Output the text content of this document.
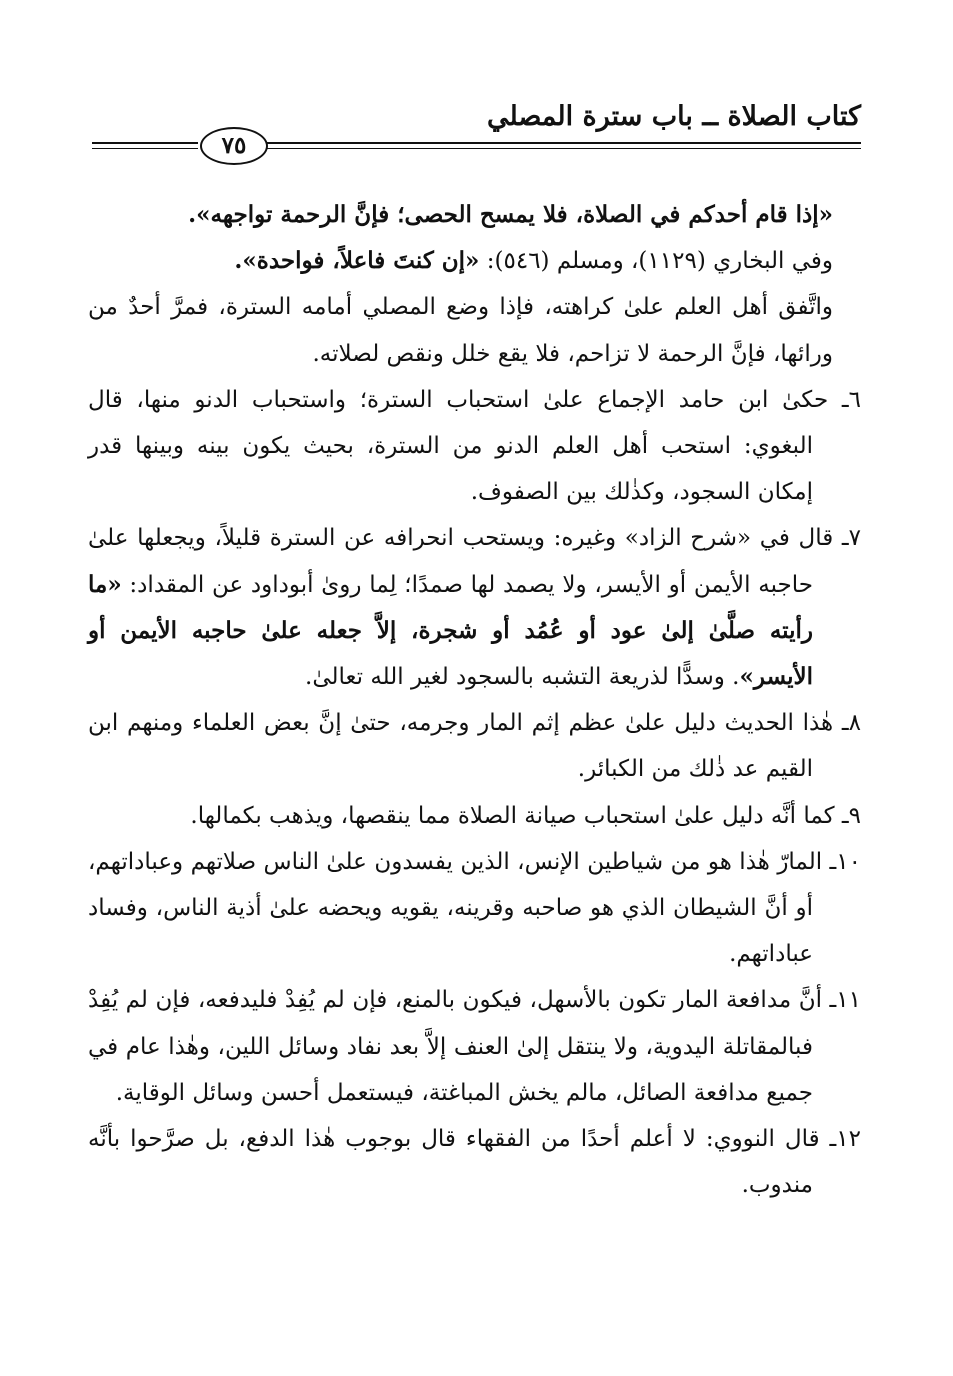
كتاب الصلاة ــ باب سترة المصلي
٧٥

«إذا قام أحدكم في الصلاة، فلا يمسح الحصى؛ فإنَّ الرحمة تواجهه».

وفي البخاري (١١٢٩)، ومسلم (٥٤٦): «إن كنتَ فاعلاً، فواحدة».

واتَّفق أهل العلم علىٰ كراهته، فإذا وضع المصلي أمامه السترة، فمرَّ أحدٌ من ورائها، فإنَّ الرحمة لا تزاحم، فلا يقع خلل ونقص لصلاته.

٦ـ حكىٰ ابن حامد الإجماع علىٰ استحباب السترة؛ واستحباب الدنو منها، قال البغوي: استحب أهل العلم الدنو من السترة، بحيث يكون بينه وبينها قدر إمكان السجود، وكذٰلك بين الصفوف.

٧ـ قال في «شرح الزاد» وغيره: ويستحب انحرافه عن السترة قليلاً، ويجعلها علىٰ حاجبه الأيمن أو الأيسر، ولا يصمد لها صمدًا؛ لِما روىٰ أبوداود عن المقداد: «ما رأيته صلَّىٰ إلىٰ عود أو عُمُد أو شجرة، إلاَّ جعله علىٰ حاجبه الأيمن أو الأيسر». وسدًّا لذريعة التشبه بالسجود لغير الله تعالىٰ.

٨ـ هٰذا الحديث دليل علىٰ عظم إثم المار وجرمه، حتىٰ إنَّ بعض العلماء ومنهم ابن القيم عد ذٰلك من الكبائر.

٩ـ كما أنَّه دليل علىٰ استحباب صيانة الصلاة مما ينقصها، ويذهب بكمالها.

١٠ـ المارّ هٰذا هو من شياطين الإنس، الذين يفسدون علىٰ الناس صلاتهم وعباداتهم، أو أنَّ الشيطان الذي هو صاحبه وقرينه، يقويه ويحضه علىٰ أذية الناس، وفساد عباداتهم.

١١ـ أنَّ مدافعة المار تكون بالأسهل، فيكون بالمنع، فإن لم يُفِدْ فليدفعه، فإن لم يُفِدْ فبالمقاتلة اليدوية، ولا ينتقل إلىٰ العنف إلاَّ بعد نفاد وسائل اللين، وهٰذا عام في جميع مدافعة الصائل، مالم يخش المباغتة، فيستعمل أحسن وسائل الوقاية.

١٢ـ قال النووي: لا أعلم أحدًا من الفقهاء قال بوجوب هٰذا الدفع، بل صرَّحوا بأنَّه مندوب.
